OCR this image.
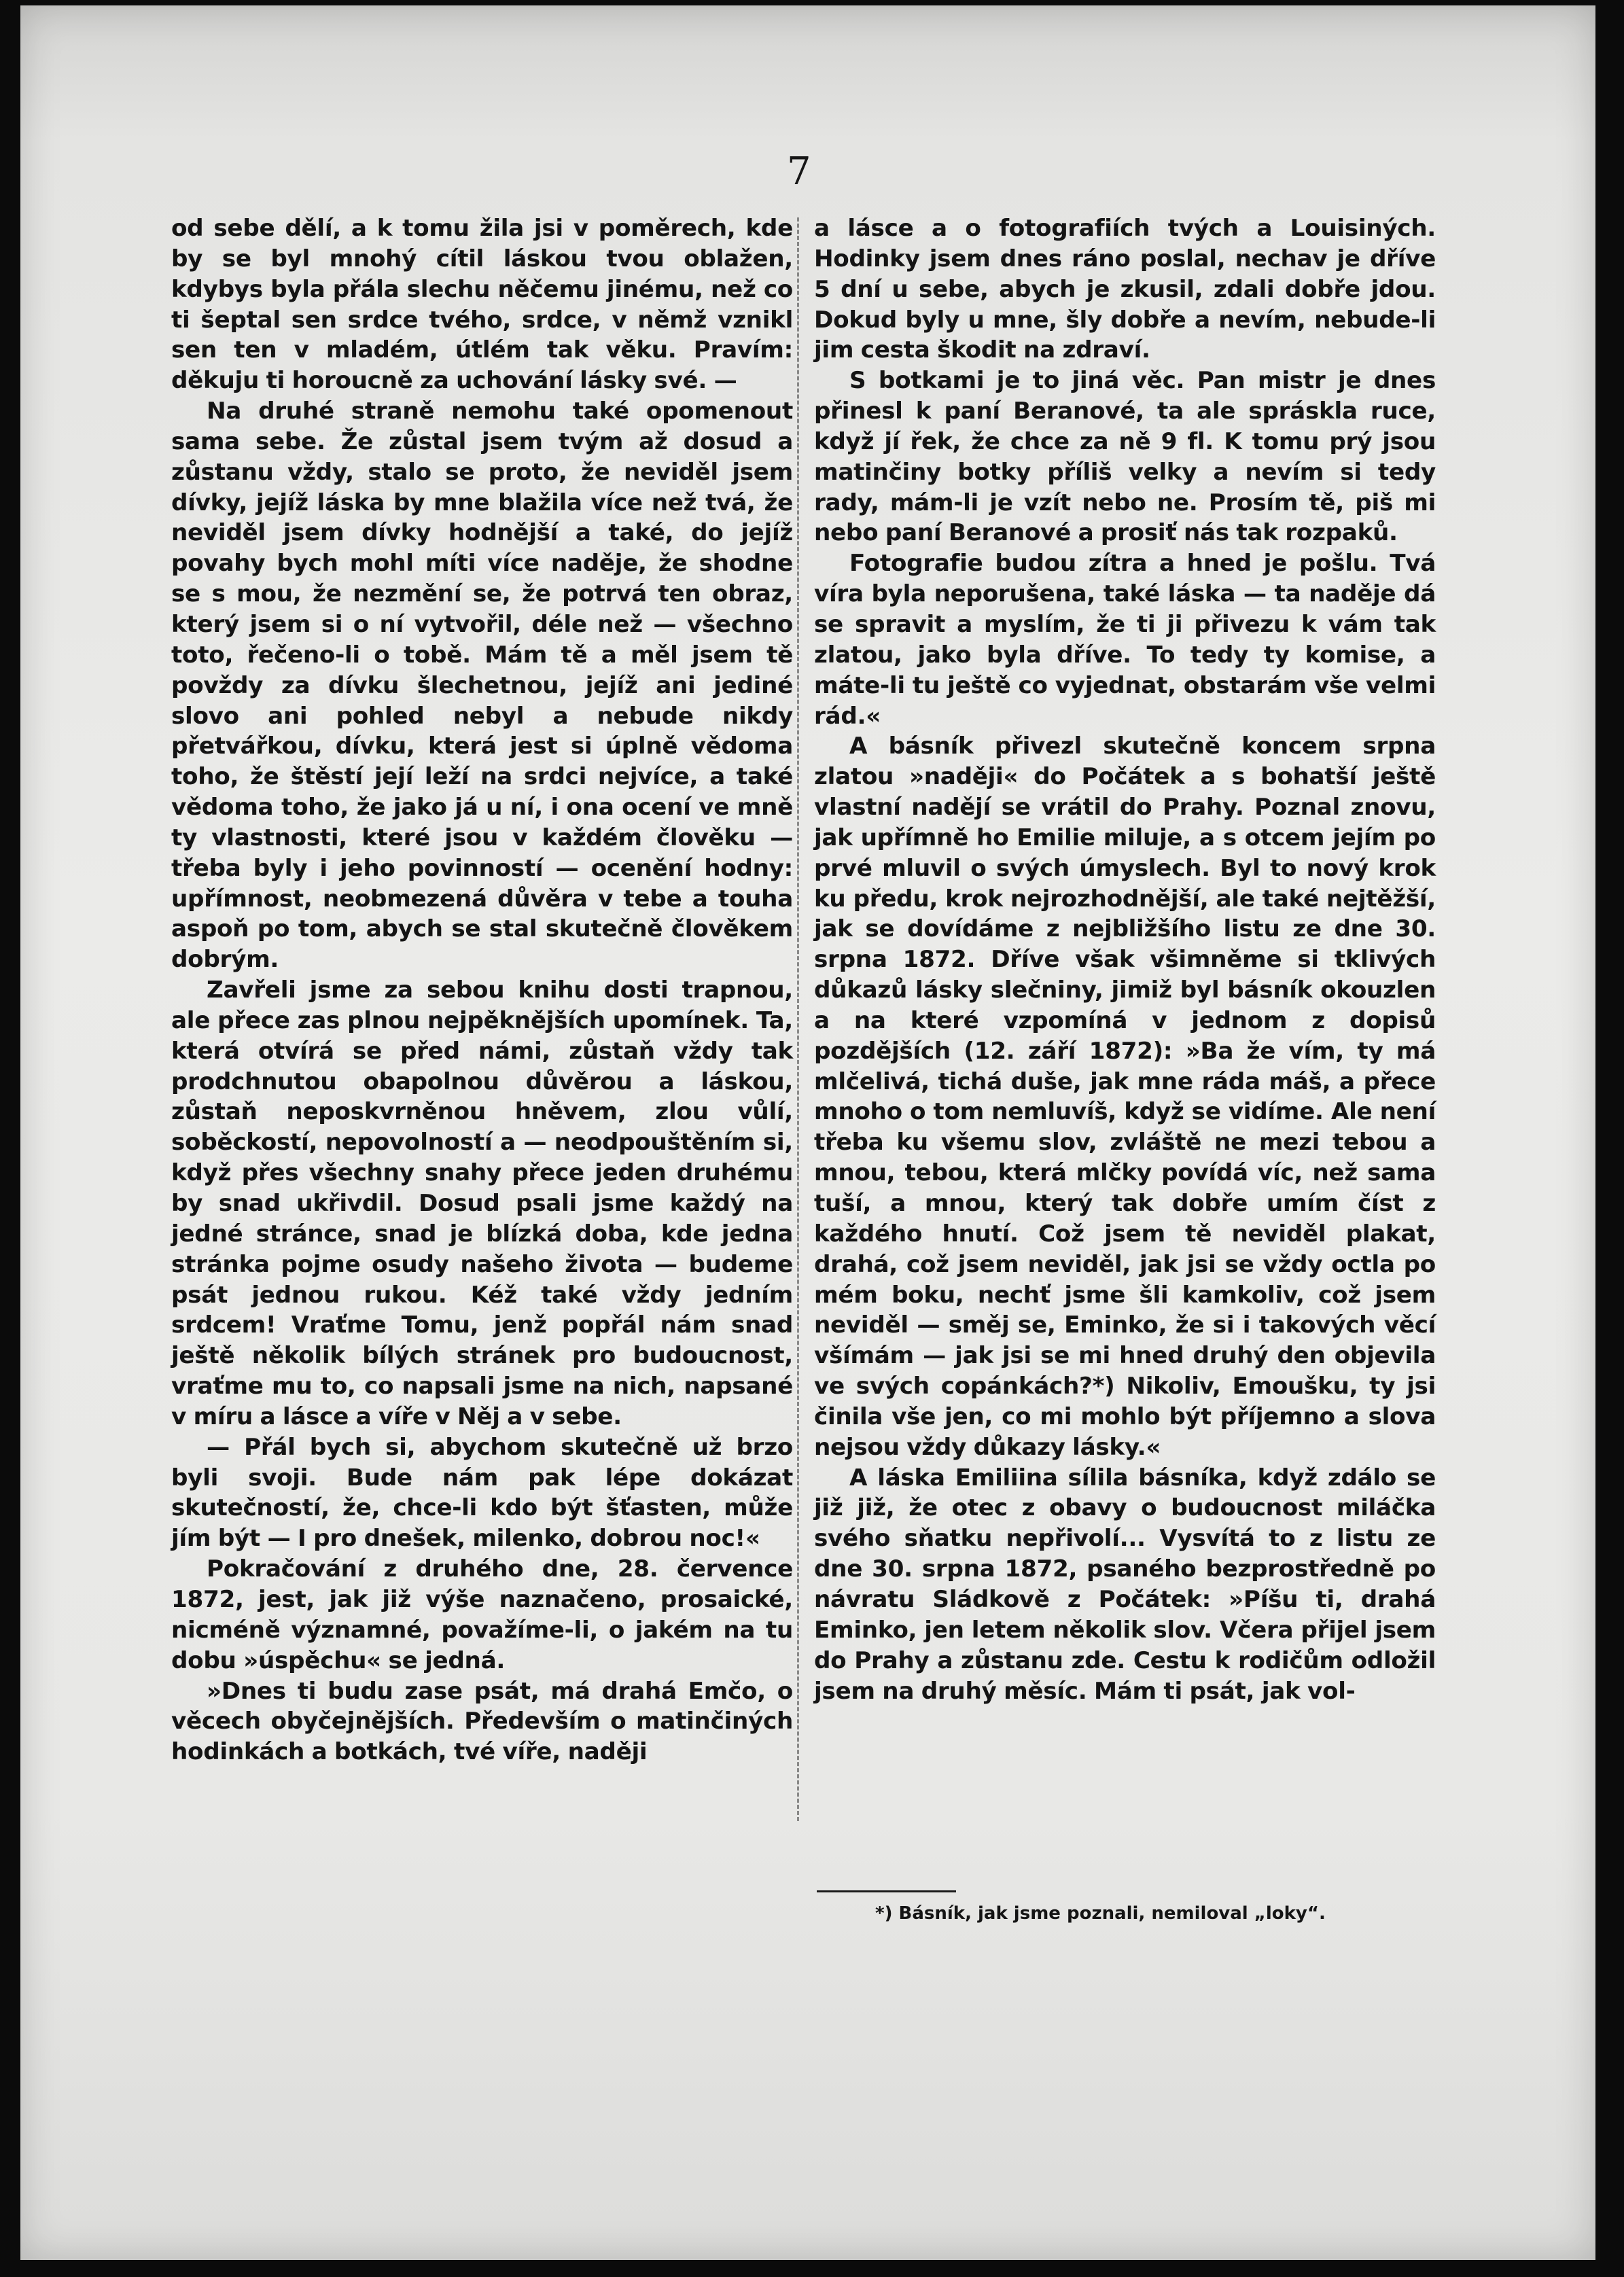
7

od sebe dělí, a k tomu žila jsi v poměrech, kde by se byl mnohý cítil láskou tvou oblažen, kdybys byla přála slechu něčemu jinému, než co ti šeptal sen srdce tvého, srdce, v němž vznikl sen ten v mladém, útlém tak věku. Pravím: děkuju ti horoucně za uchování lásky své. —

Na druhé straně nemohu také opomenout sama sebe. Že zůstal jsem tvým až dosud a zůstanu vždy, stalo se proto, že neviděl jsem dívky, jejíž láska by mne blažila více než tvá, že neviděl jsem dívky hodnější a také, do jejíž povahy bych mohl míti více naděje, že shodne se s mou, že nezmění se, že potrvá ten obraz, který jsem si o ní vytvořil, déle než — všechno toto, řečeno-li o tobě. Mám tě a měl jsem tě povždy za dívku šlechetnou, jejíž ani jediné slovo ani pohled nebyl a nebude nikdy přetvářkou, dívku, která jest si úplně vědoma toho, že štěstí její leží na srdci nejvíce, a také vědoma toho, že jako já u ní, i ona ocení ve mně ty vlastnosti, které jsou v každém člověku — třeba byly i jeho povinností — ocenění hodny: upřímnost, neobmezená důvěra v tebe a touha aspoň po tom, abych se stal skutečně člověkem dobrým.

Zavřeli jsme za sebou knihu dosti trapnou, ale přece zas plnou nejpěknějších upomínek. Ta, která otvírá se před námi, zůstaň vždy tak prodchnutou obapolnou důvěrou a láskou, zůstaň neposkvrněnou hněvem, zlou vůlí, soběckostí, nepovolností a — neodpouštěním si, když přes všechny snahy přece jeden druhému by snad ukřivdil. Dosud psali jsme každý na jedné stránce, snad je blízká doba, kde jedna stránka pojme osudy našeho života — budeme psát jednou rukou. Kéž také vždy jedním srdcem! Vraťme Tomu, jenž popřál nám snad ještě několik bílých stránek pro budoucnost, vraťme mu to, co napsali jsme na nich, napsané v míru a lásce a víře v Něj a v sebe.

— Přál bych si, abychom skutečně už brzo byli svoji. Bude nám pak lépe dokázat skutečností, že, chce-li kdo být šťasten, může jím být — I pro dnešek, milenko, dobrou noc!«

Pokračování z druhého dne, 28. července 1872, jest, jak již výše naznačeno, prosaické, nicméně významné, považíme-li, o jakém na tu dobu »úspěchu« se jedná.

»Dnes ti budu zase psát, má drahá Emčo, o věcech obyčejnějších. Především o matinčiných hodinkách a botkách, tvé víře, naději

a lásce a o fotografiích tvých a Louisiných. Hodinky jsem dnes ráno poslal, nechav je dříve 5 dní u sebe, abych je zkusil, zdali dobře jdou. Dokud byly u mne, šly dobře a nevím, nebude-li jim cesta škodit na zdraví.

S botkami je to jiná věc. Pan mistr je dnes přinesl k paní Beranové, ta ale spráskla ruce, když jí řek, že chce za ně 9 fl. K tomu prý jsou matinčiny botky příliš velky a nevím si tedy rady, mám-li je vzít nebo ne. Prosím tě, piš mi nebo paní Beranové a prosiť nás tak rozpaků.

Fotografie budou zítra a hned je pošlu. Tvá víra byla neporušena, také láska — ta naděje dá se spravit a myslím, že ti ji přivezu k vám tak zlatou, jako byla dříve. To tedy ty komise, a máte-li tu ještě co vyjednat, obstarám vše velmi rád.«

A básník přivezl skutečně koncem srpna zlatou »naději« do Počátek a s bohatší ještě vlastní nadějí se vrátil do Prahy. Poznal znovu, jak upřímně ho Emilie miluje, a s otcem jejím po prvé mluvil o svých úmyslech. Byl to nový krok ku předu, krok nejrozhodnější, ale také nejtěžší, jak se dovídáme z nejbližšího listu ze dne 30. srpna 1872. Dříve však všimněme si tklivých důkazů lásky slečniny, jimiž byl básník okouzlen a na které vzpomíná v jednom z dopisů pozdějších (12. září 1872): »Ba že vím, ty má mlčelivá, tichá duše, jak mne ráda máš, a přece mnoho o tom nemluvíš, když se vidíme. Ale není třeba ku všemu slov, zvláště ne mezi tebou a mnou, tebou, která mlčky povídá víc, než sama tuší, a mnou, který tak dobře umím číst z každého hnutí. Což jsem tě neviděl plakat, drahá, což jsem neviděl, jak jsi se vždy octla po mém boku, nechť jsme šli kamkoliv, což jsem neviděl — směj se, Eminko, že si i takových věcí všímám — jak jsi se mi hned druhý den objevila ve svých copánkách?*) Nikoliv, Emoušku, ty jsi činila vše jen, co mi mohlo být příjemno a slova nejsou vždy důkazy lásky.«

A láska Emiliina sílila básníka, když zdálo se již již, že otec z obavy o budoucnost miláčka svého sňatku nepřivolí... Vysvítá to z listu ze dne 30. srpna 1872, psaného bezprostředně po návratu Sládkově z Počátek: »Píšu ti, drahá Eminko, jen letem několik slov. Včera přijel jsem do Prahy a zůstanu zde. Cestu k rodičům odložil jsem na druhý měsíc. Mám ti psát, jak vol-

*) Básník, jak jsme poznali, nemiloval „loky“.
